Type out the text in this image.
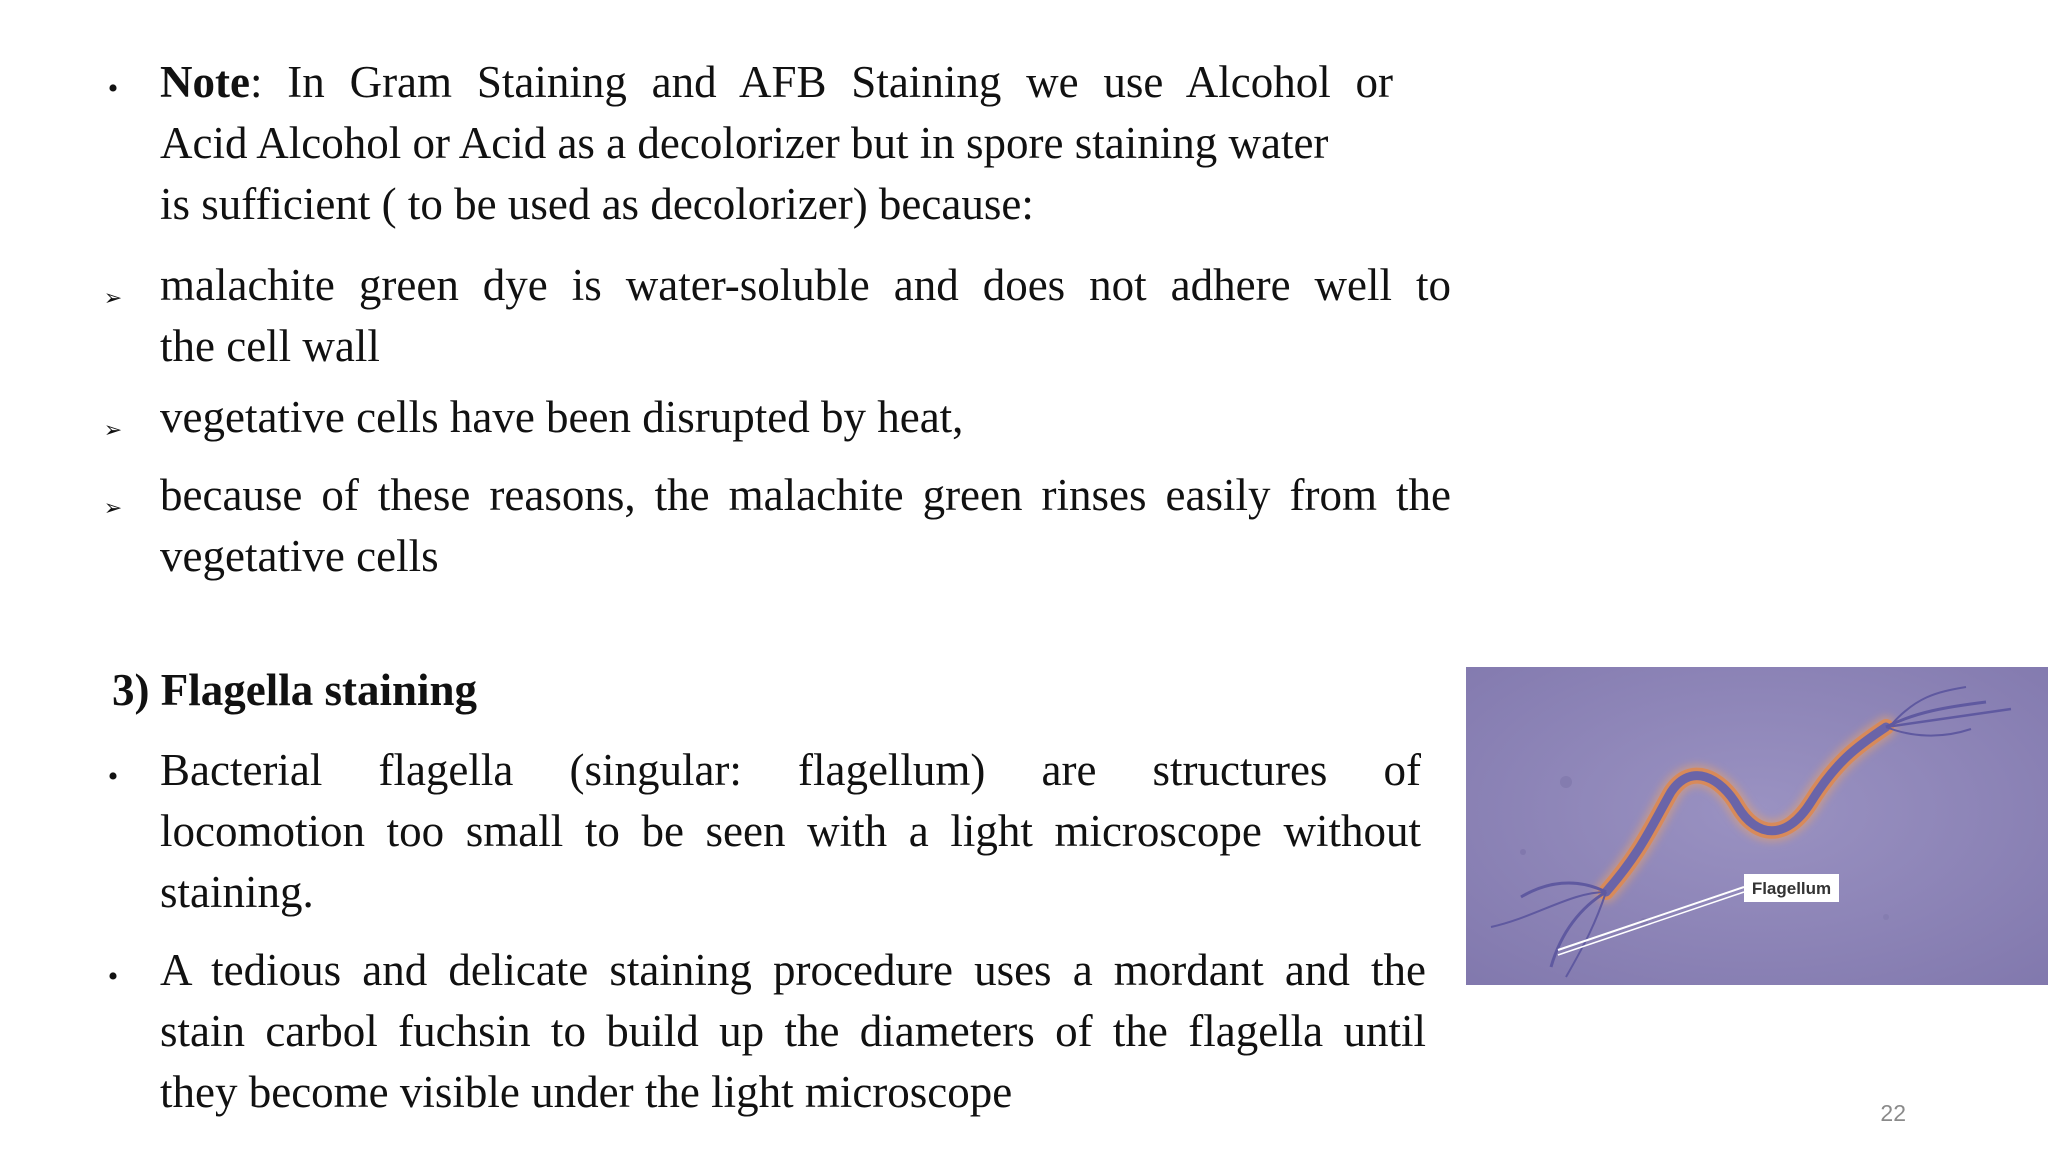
• Note: In Gram Staining and AFB Staining we use Alcohol or
Acid Alcohol or Acid as a decolorizer but in spore staining water
is sufficient ( to be used as decolorizer) because:
➢ malachite green dye is water-soluble and does not adhere well to
the cell wall
➢ vegetative cells have been disrupted by heat,
➢ because of these reasons, the malachite green rinses easily from the
vegetative cells
3) Flagella staining
• Bacterial flagella (singular: flagellum) are structures of
locomotion too small to be seen with a light microscope without
staining.
• A tedious and delicate staining procedure uses a mordant and the
stain carbol fuchsin to build up the diameters of the flagella until
they become visible under the light microscope
Flagellum
22
